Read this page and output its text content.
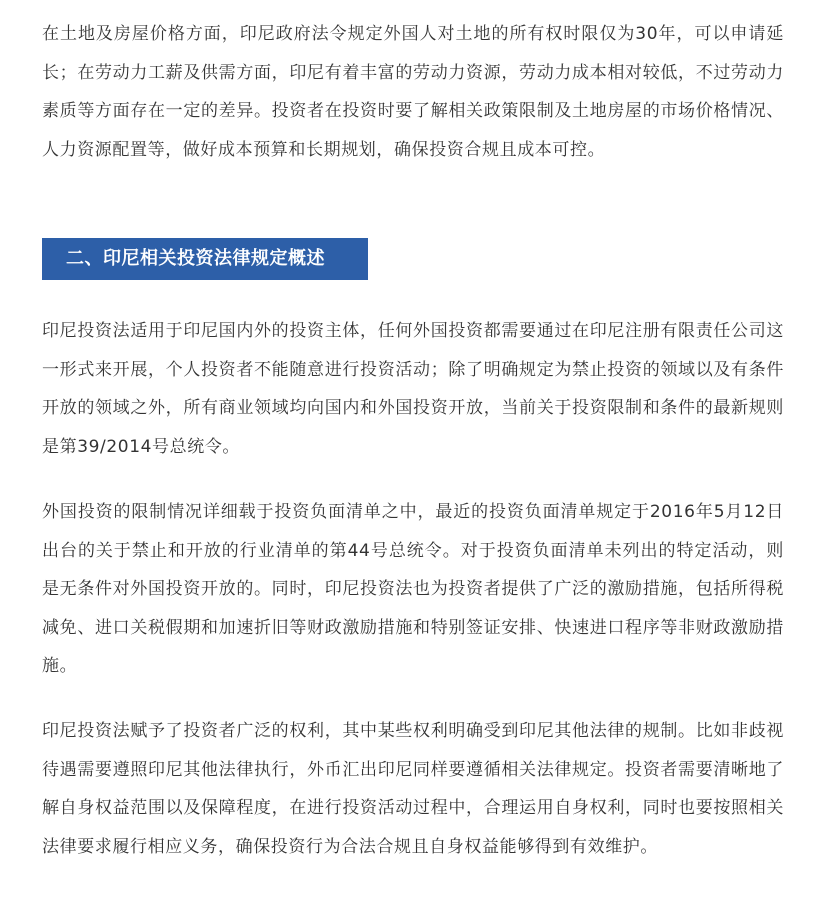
在土地及房屋价格方面，印尼政府法令规定外国人对土地的所有权时限仅为30年，可以申请延长；在劳动力工薪及供需方面，印尼有着丰富的劳动力资源，劳动力成本相对较低，不过劳动力素质等方面存在一定的差异。投资者在投资时要了解相关政策限制及土地房屋的市场价格情况、人力资源配置等，做好成本预算和长期规划，确保投资合规且成本可控。

二、印尼相关投资法律规定概述

印尼投资法适用于印尼国内外的投资主体，任何外国投资都需要通过在印尼注册有限责任公司这一形式来开展，个人投资者不能随意进行投资活动；除了明确规定为禁止投资的领域以及有条件开放的领域之外，所有商业领域均向国内和外国投资开放，当前关于投资限制和条件的最新规则是第39/2014号总统令。

外国投资的限制情况详细载于投资负面清单之中，最近的投资负面清单规定于2016年5月12日出台的关于禁止和开放的行业清单的第44号总统令。对于投资负面清单未列出的特定活动，则是无条件对外国投资开放的。同时，印尼投资法也为投资者提供了广泛的激励措施，包括所得税减免、进口关税假期和加速折旧等财政激励措施和特别签证安排、快速进口程序等非财政激励措施。

印尼投资法赋予了投资者广泛的权利，其中某些权利明确受到印尼其他法律的规制。比如非歧视待遇需要遵照印尼其他法律执行，外币汇出印尼同样要遵循相关法律规定。投资者需要清晰地了解自身权益范围以及保障程度，在进行投资活动过程中，合理运用自身权利，同时也要按照相关法律要求履行相应义务，确保投资行为合法合规且自身权益能够得到有效维护。
